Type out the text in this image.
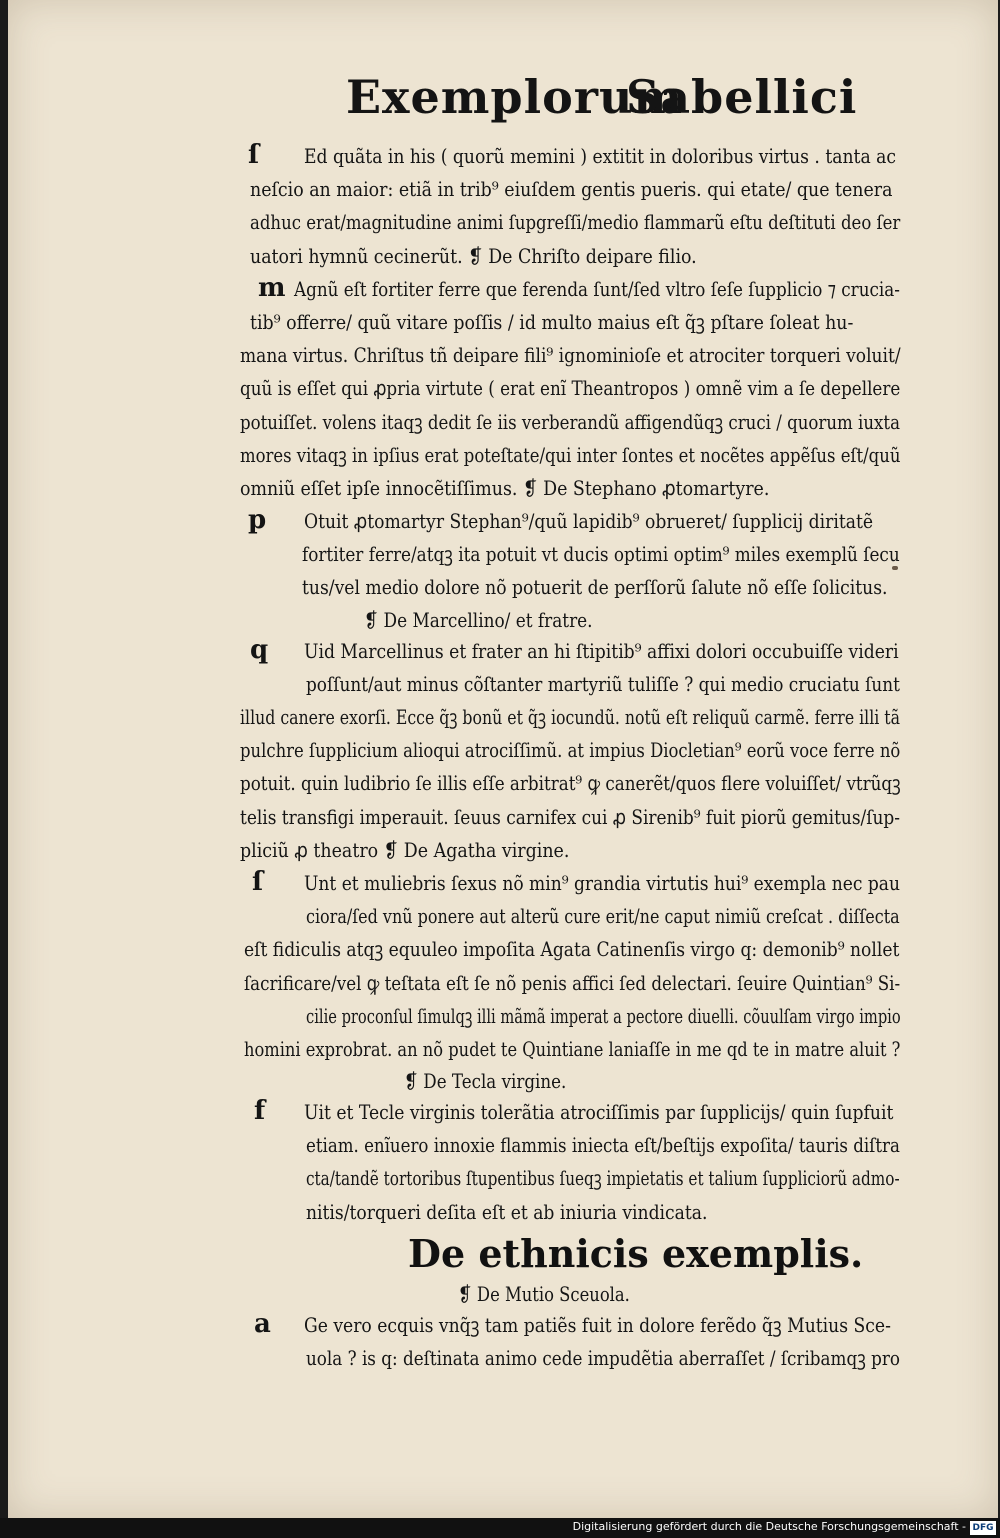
Exemplorum
Sabellici
ſ Ed quãta in his ( quorũ memini ) extitit in doloribus virtus . tanta ac
neſcio an maior: etiã in trib⁹ eiuſdem gentis pueris. qui etate/ que tenera
adhuc erat/magnitudine animi ſupgreſſi/medio flammarũ eſtu deſtituti deo ſer
uatori hymnũ cecinerũt. ❡ De Chriſto deipare filio.
m Agnũ eſt fortiter ferre que ferenda ſunt/ſed vltro ſeſe ſupplicio ⁊ crucia-
tib⁹ offerre/ quũ vitare poſſis / id multo maius eſt q̃ꝫ pſtare ſoleat hu-
mana virtus. Chriſtus tñ deipare fili⁹ ignominioſe et atrociter torqueri voluit/
quũ is eſſet qui ꝓpria virtute ( erat enĩ Theantropos ) omnẽ vim a ſe depellere
potuiſſet. volens itaqꝫ dedit ſe iis verberandũ affigendũqꝫ cruci / quorum iuxta
mores vitaqꝫ in ipſius erat poteſtate/qui inter ſontes et nocẽtes appẽſus eſt/quũ
omniũ eſſet ipſe innocẽtiſſimus. ❡ De Stephano ꝓtomartyre.
p Otuit ꝓtomartyr Stephan⁹/quũ lapidib⁹ obrueret/ ſupplicij diritatẽ
fortiter ferre/atqꝫ ita potuit vt ducis optimi optim⁹ miles exemplũ ſecu
tus/vel medio dolore nõ potuerit de perſſorũ ſalute nõ eſſe ſolicitus.
❡ De Marcellino/ et fratre.
q Uid Marcellinus et frater an hi ſtipitib⁹ affixi dolori occubuiſſe videri
poſſunt/aut minus cõſtanter martyriũ tuliſſe ? qui medio cruciatu ſunt
illud canere exorſi. Ecce q̃ꝫ bonũ et q̃ꝫ iocundũ. notũ eſt reliquũ carmẽ. ferre illi tã
pulchre ſupplicium alioqui atrociſſimũ. at impius Diocletian⁹ eorũ voce ferre nõ
potuit. quin ludibrio ſe illis eſſe arbitrat⁹ ꝙ canerẽt/quos flere voluiſſet/ vtrũqꝫ
telis transfigi imperauit. ſeuus carnifex cui ꝓ Sirenib⁹ fuit piorũ gemitus/ſup-
pliciũ ꝓ theatro ❡ De Agatha virgine.
ſ Unt et muliebris ſexus nõ min⁹ grandia virtutis hui⁹ exempla nec pau
ciora/ſed vnũ ponere aut alterũ cure erit/ne caput nimiũ creſcat . diſſecta
eſt fidiculis atqꝫ equuleo impoſita Agata Catinenſis virgo q: demonib⁹ nollet
ſacrificare/vel ꝙ teſtata eſt ſe nõ penis affici ſed delectari. ſeuire Quintian⁹ Si-
cilie proconſul ſimulqꝫ illi mãmã imperat a pectore diuelli. cõuulſam virgo impio
homini exprobrat. an nõ pudet te Quintiane laniaſſe in me qd te in matre aluit ?
❡ De Tecla virgine.
f Uit et Tecle virginis tolerãtia atrociſſimis par ſupplicijs/ quin ſupfuit
etiam. enĩuero innoxie flammis iniecta eſt/beſtijs expoſita/ tauris diſtra
cta/tandẽ tortoribus ſtupentibus ſueqꝫ impietatis et talium ſuppliciorũ admo-
nitis/torqueri deſita eſt et ab iniuria vindicata.
De ethnicis exemplis.
❡ De Mutio Sceuola.
a Ge vero ecquis vnq̃ꝫ tam patiẽs fuit in dolore ferẽdo q̃ꝫ Mutius Sce-
uola ? is q: deſtinata animo cede impudẽtia aberraſſet / ſcribamqꝫ pro
Digitalisierung gefördert durch die Deutsche Forschungsgemeinschaft - DFG
